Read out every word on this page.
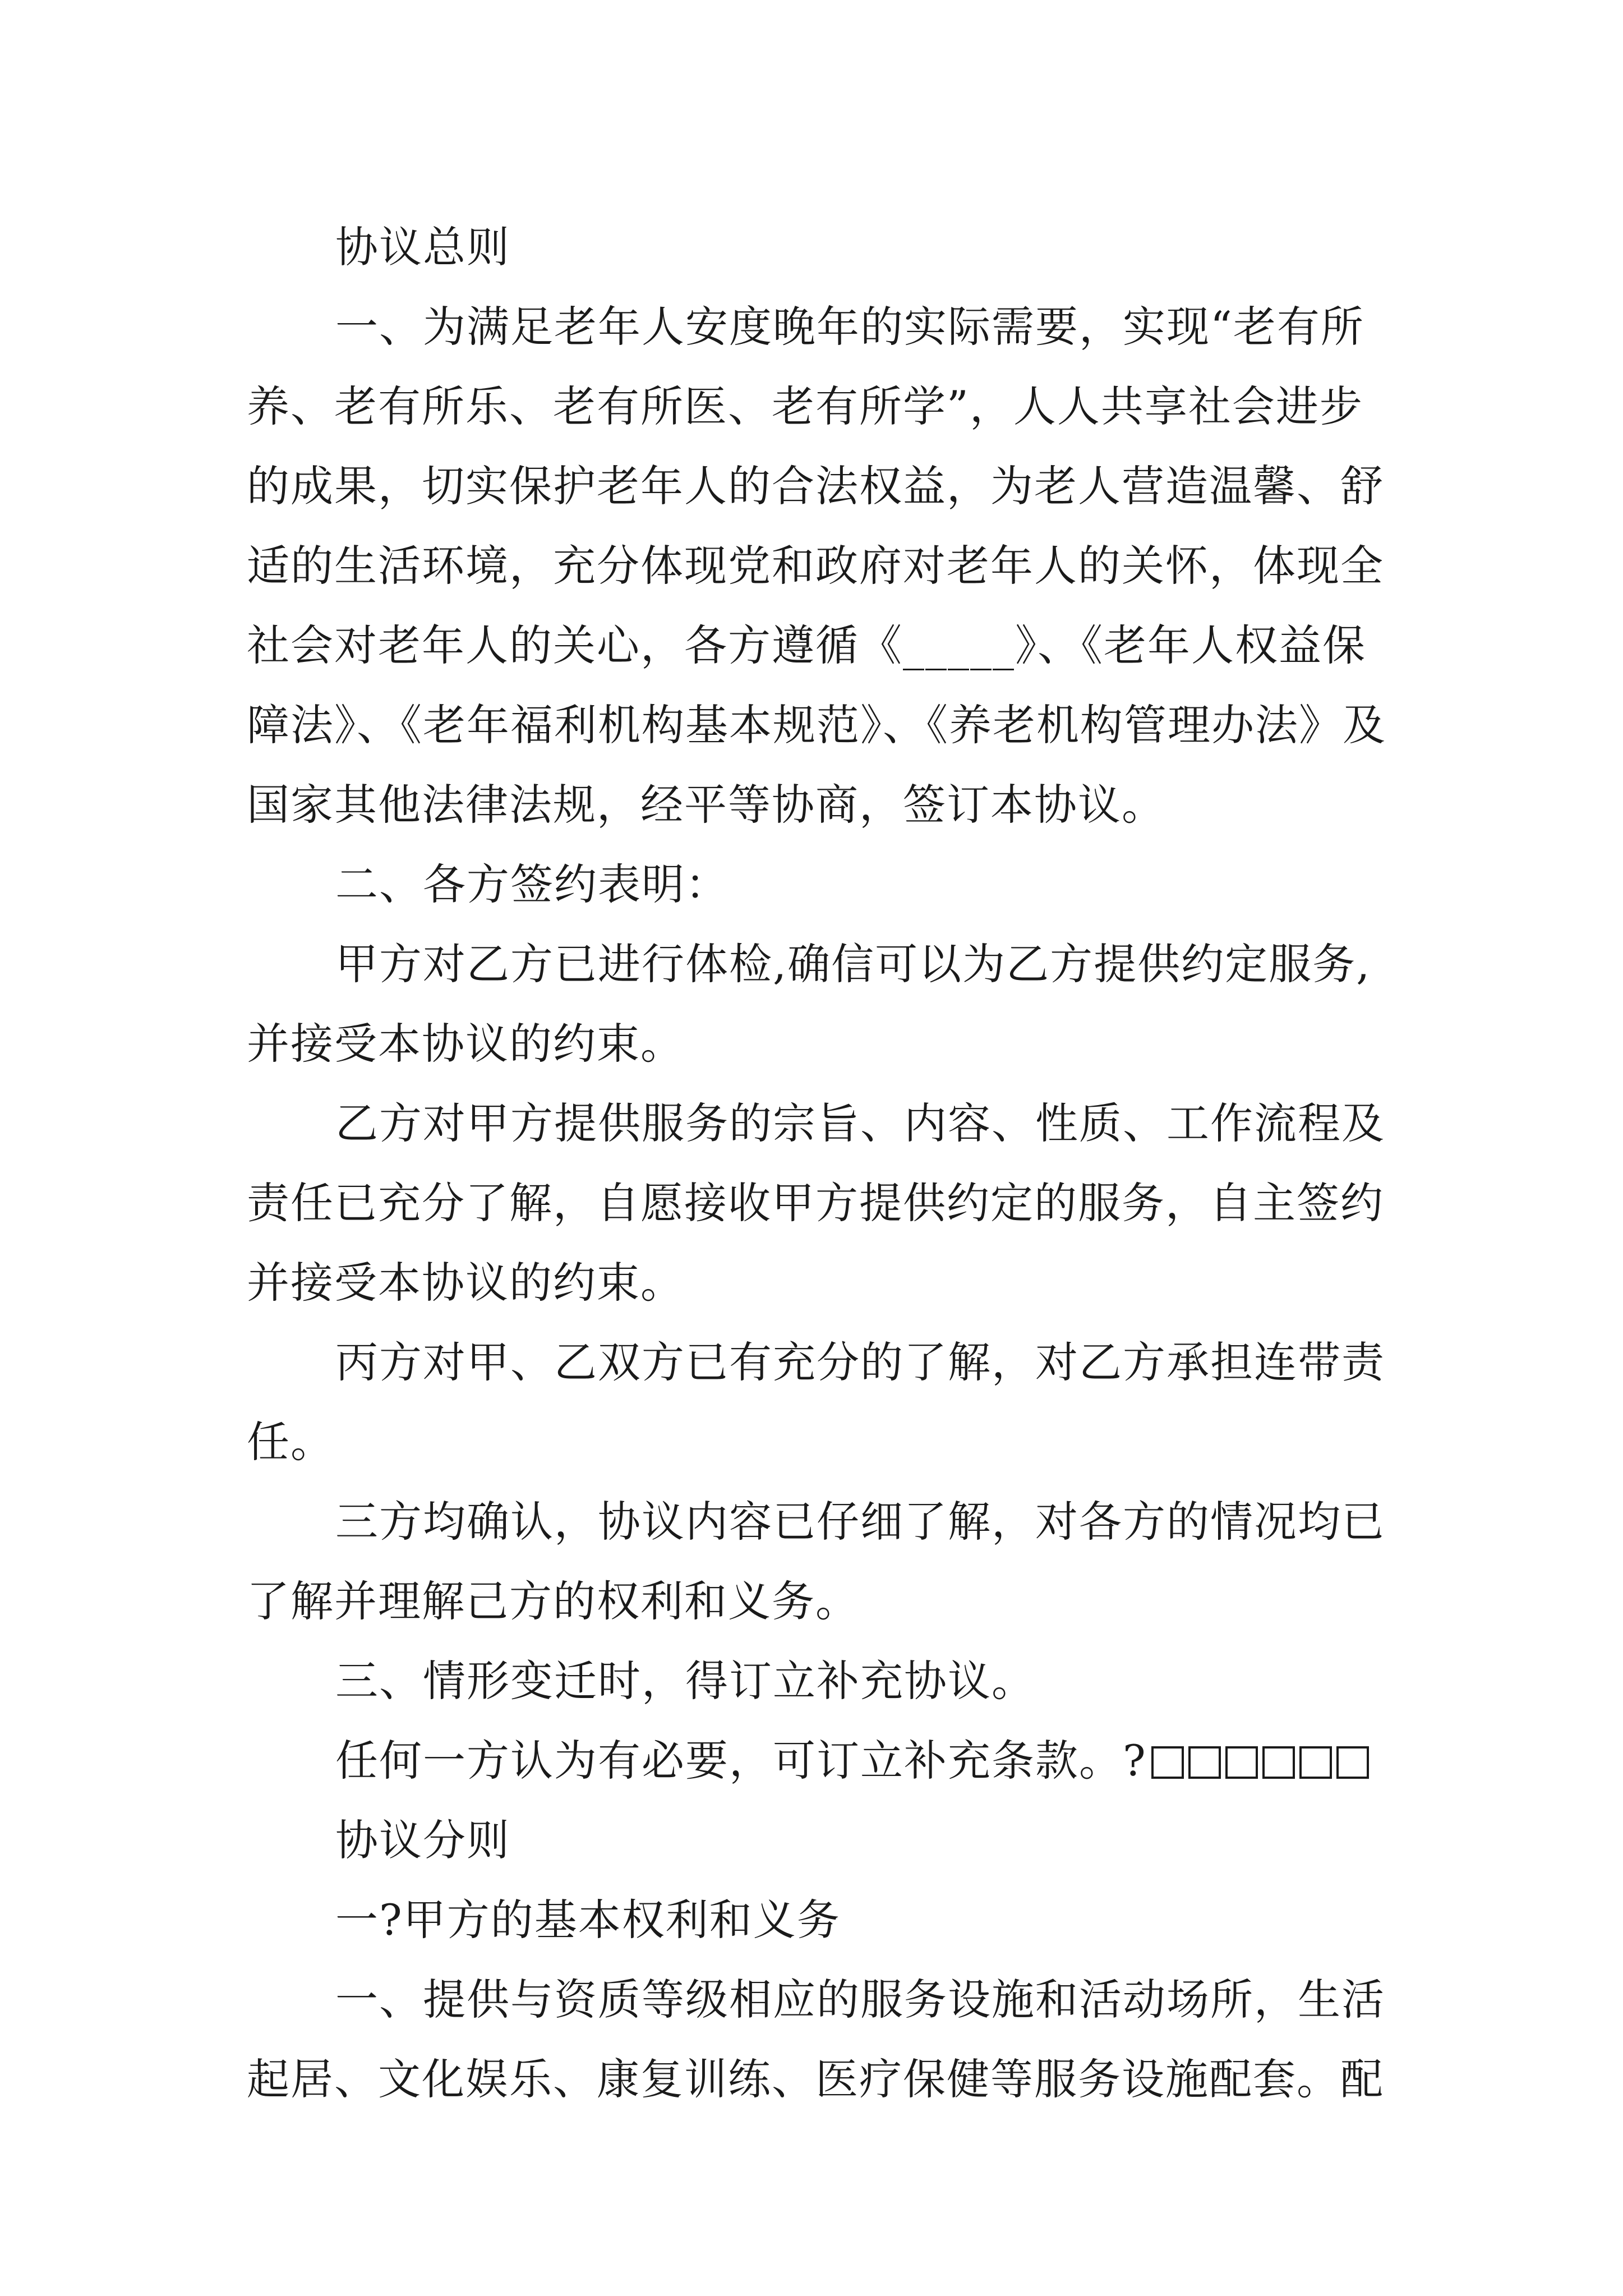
协议总则
一、为满足老年人安度晚年的实际需要，实现“老有所
养、老有所乐、老有所医、老有所学”，人人共享社会进步
的成果，切实保护老年人的合法权益，为老人营造温馨、舒
适的生活环境，充分体现党和政府对老年人的关怀，体现全
社会对老年人的关心，各方遵循《_____》、《老年人权益保
障法》、《老年福利机构基本规范》、《养老机构管理办法》及
国家其他法律法规，经平等协商，签订本协议。
二、各方签约表明：
甲方对乙方已进行体检,确信可以为乙方提供约定服务,
并接受本协议的约束。
乙方对甲方提供服务的宗旨、内容、性质、工作流程及
责任已充分了解，自愿接收甲方提供约定的服务，自主签约
并接受本协议的约束。
丙方对甲、乙双方已有充分的了解，对乙方承担连带责
任。
三方均确认，协议内容已仔细了解，对各方的情况均已
了解并理解己方的权利和义务。
三、情形变迁时，得订立补充协议。
任何一方认为有必要，可订立补充条款。?
协议分则
一?甲方的基本权利和义务
一、提供与资质等级相应的服务设施和活动场所，生活
起居、文化娱乐、康复训练、医疗保健等服务设施配套。配
